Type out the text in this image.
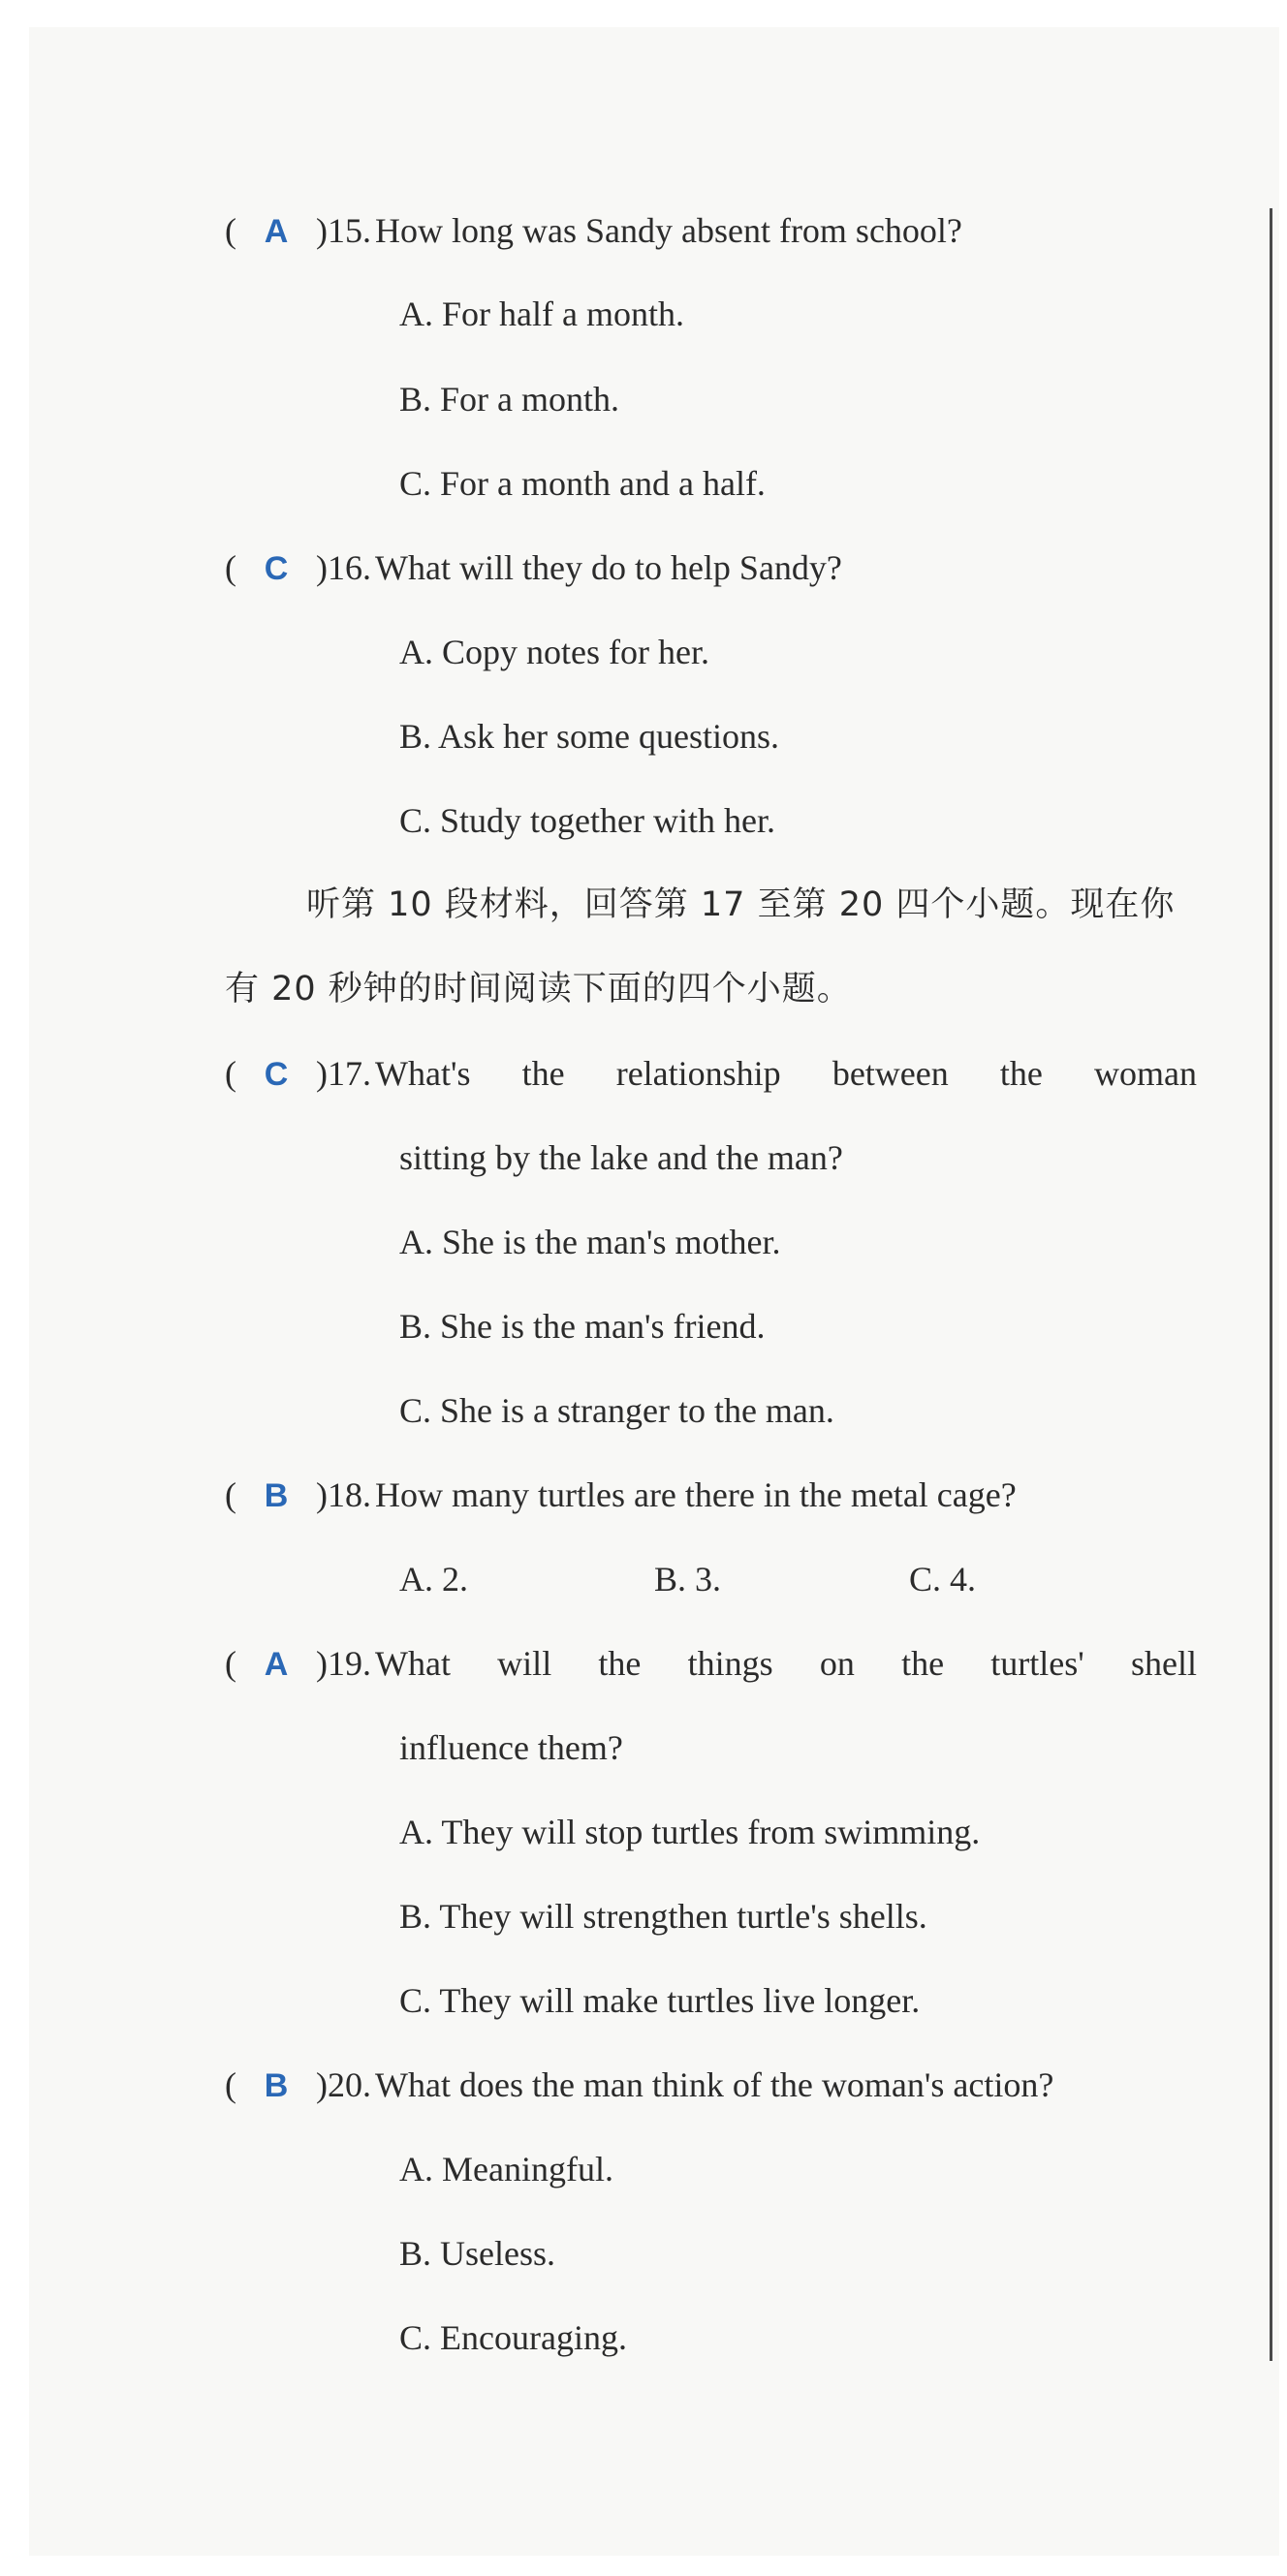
( A )15. How long was Sandy absent from school?
A. For half a month.
B. For a month.
C. For a month and a half.
( C )16. What will they do to help Sandy?
A. Copy notes for her.
B. Ask her some questions.
C. Study together with her.
听第 10 段材料，回答第 17 至第 20 四个小题。现在你
有 20 秒钟的时间阅读下面的四个小题。
( C )17. What's the relationship between the woman
sitting by the lake and the man?
A. She is the man's mother.
B. She is the man's friend.
C. She is a stranger to the man.
( B )18. How many turtles are there in the metal cage?
A. 2.	B. 3.	C. 4.
( A )19. What will the things on the turtles' shell
influence them?
A. They will stop turtles from swimming.
B. They will strengthen turtle's shells.
C. They will make turtles live longer.
( B )20. What does the man think of the woman's action?
A. Meaningful.
B. Useless.
C. Encouraging.
